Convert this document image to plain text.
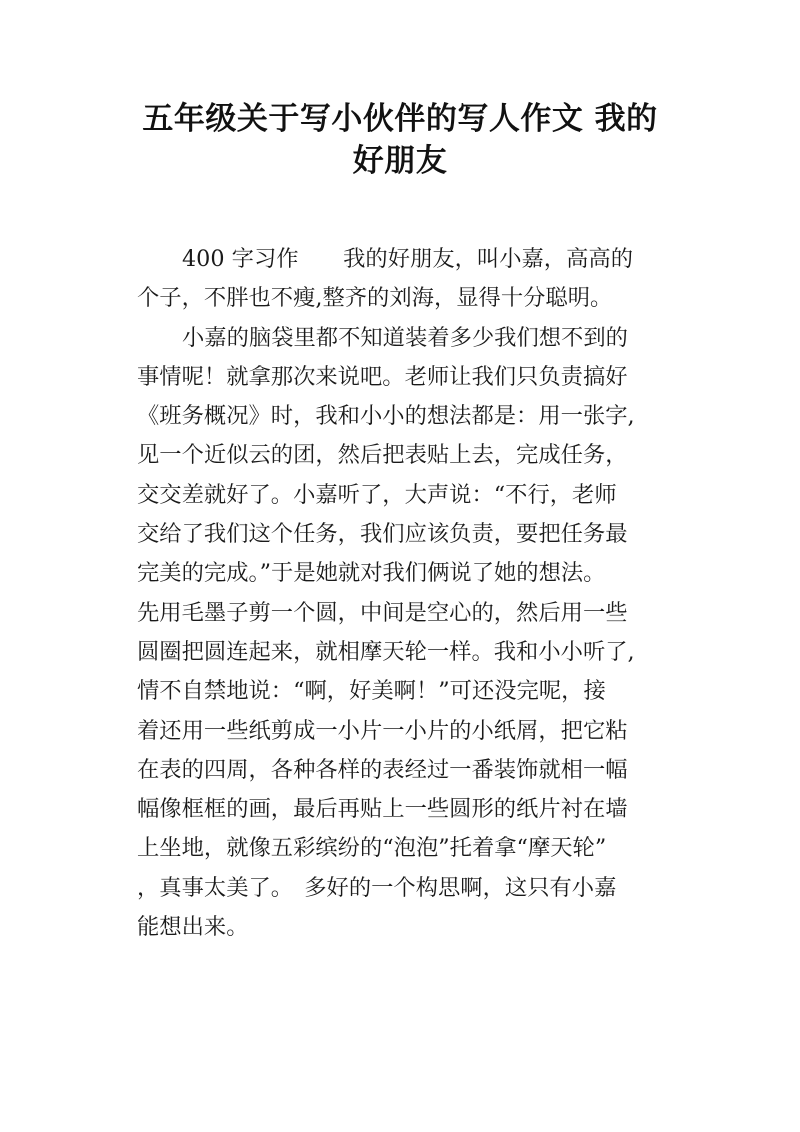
五年级关于写小伙伴的写人作文 我的
好朋友
400 字习作　　我的好朋友，叫小嘉，高高的
个子，不胖也不瘦,整齐的刘海，显得十分聪明。
小嘉的脑袋里都不知道装着多少我们想不到的
事情呢！就拿那次来说吧。老师让我们只负责搞好
《班务概况》时，我和小小的想法都是：用一张字,
见一个近似云的团，然后把表贴上去，完成任务，
交交差就好了。小嘉听了，大声说：“不行，老师
交给了我们这个任务，我们应该负责，要把任务最
完美的完成。”于是她就对我们俩说了她的想法。
先用毛墨子剪一个圆，中间是空心的，然后用一些
圆圈把圆连起来，就相摩天轮一样。我和小小听了,
情不自禁地说：“啊，好美啊！”可还没完呢，接
着还用一些纸剪成一小片一小片的小纸屑，把它粘
在表的四周，各种各样的表经过一番装饰就相一幅
幅像框框的画，最后再贴上一些圆形的纸片衬在墙
上坐地，就像五彩缤纷的“泡泡”托着拿“摩天轮”
，真事太美了。　多好的一个构思啊，这只有小嘉
能想出来。
